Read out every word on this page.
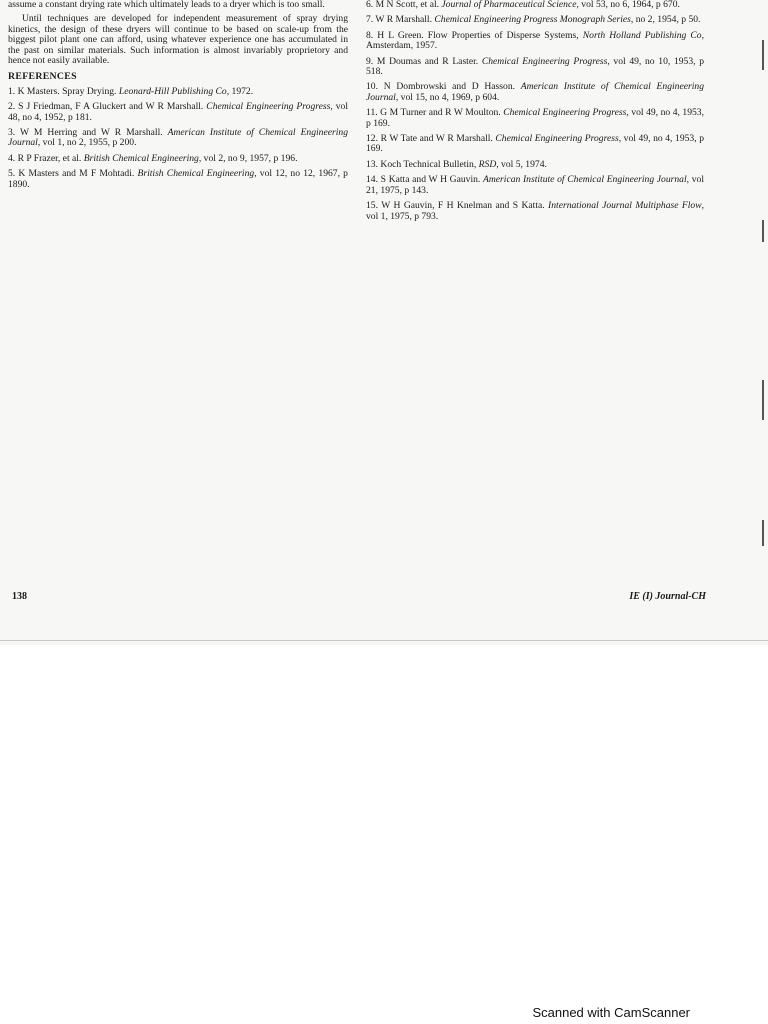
assume a constant drying rate which ultimately leads to a dryer which is too small.

Until techniques are developed for independent measurement of spray drying kinetics, the design of these dryers will continue to be based on scale-up from the biggest pilot plant one can afford, using whatever experience one has accumulated in the past on similar materials. Such information is almost invariably proprietory and hence not easily available.

REFERENCES

1. K Masters. Spray Drying. Leonard-Hill Publishing Co, 1972.

2. S J Friedman, F A Gluckert and W R Marshall. Chemical Engineering Progress, vol 48, no 4, 1952, p 181.

3. W M Herring and W R Marshall. American Institute of Chemical Engineering Journal, vol 1, no 2, 1955, p 200.

4. R P Frazer, et al. British Chemical Engineering, vol 2, no 9, 1957, p 196.

5. K Masters and M F Mohtadi. British Chemical Engineering, vol 12, no 12, 1967, p 1890.

6. M N Scott, et al. Journal of Pharmaceutical Science, vol 53, no 6, 1964, p 670.

7. W R Marshall. Chemical Engineering Progress Monograph Series, no 2, 1954, p 50.

8. H L Green. Flow Properties of Disperse Systems, North Holland Publishing Co, Amsterdam, 1957.

9. M Doumas and R Laster. Chemical Engineering Progress, vol 49, no 10, 1953, p 518.

10. N Dombrowski and D Hasson. American Institute of Chemical Engineering Journal, vol 15, no 4, 1969, p 604.

11. G M Turner and R W Moulton. Chemical Engineering Progress, vol 49, no 4, 1953, p 169.

12. R W Tate and W R Marshall. Chemical Engineering Progress, vol 49, no 4, 1953, p 169.

13. Koch Technical Bulletin, RSD, vol 5, 1974.

14. S Katta and W H Gauvin. American Institute of Chemical Engineering Journal, vol 21, 1975, p 143.

15. W H Gauvin, F H Knelman and S Katta. International Journal Multiphase Flow, vol 1, 1975, p 793.

138	IE (I) Journal-CH
·
Scanned with CamScanner
